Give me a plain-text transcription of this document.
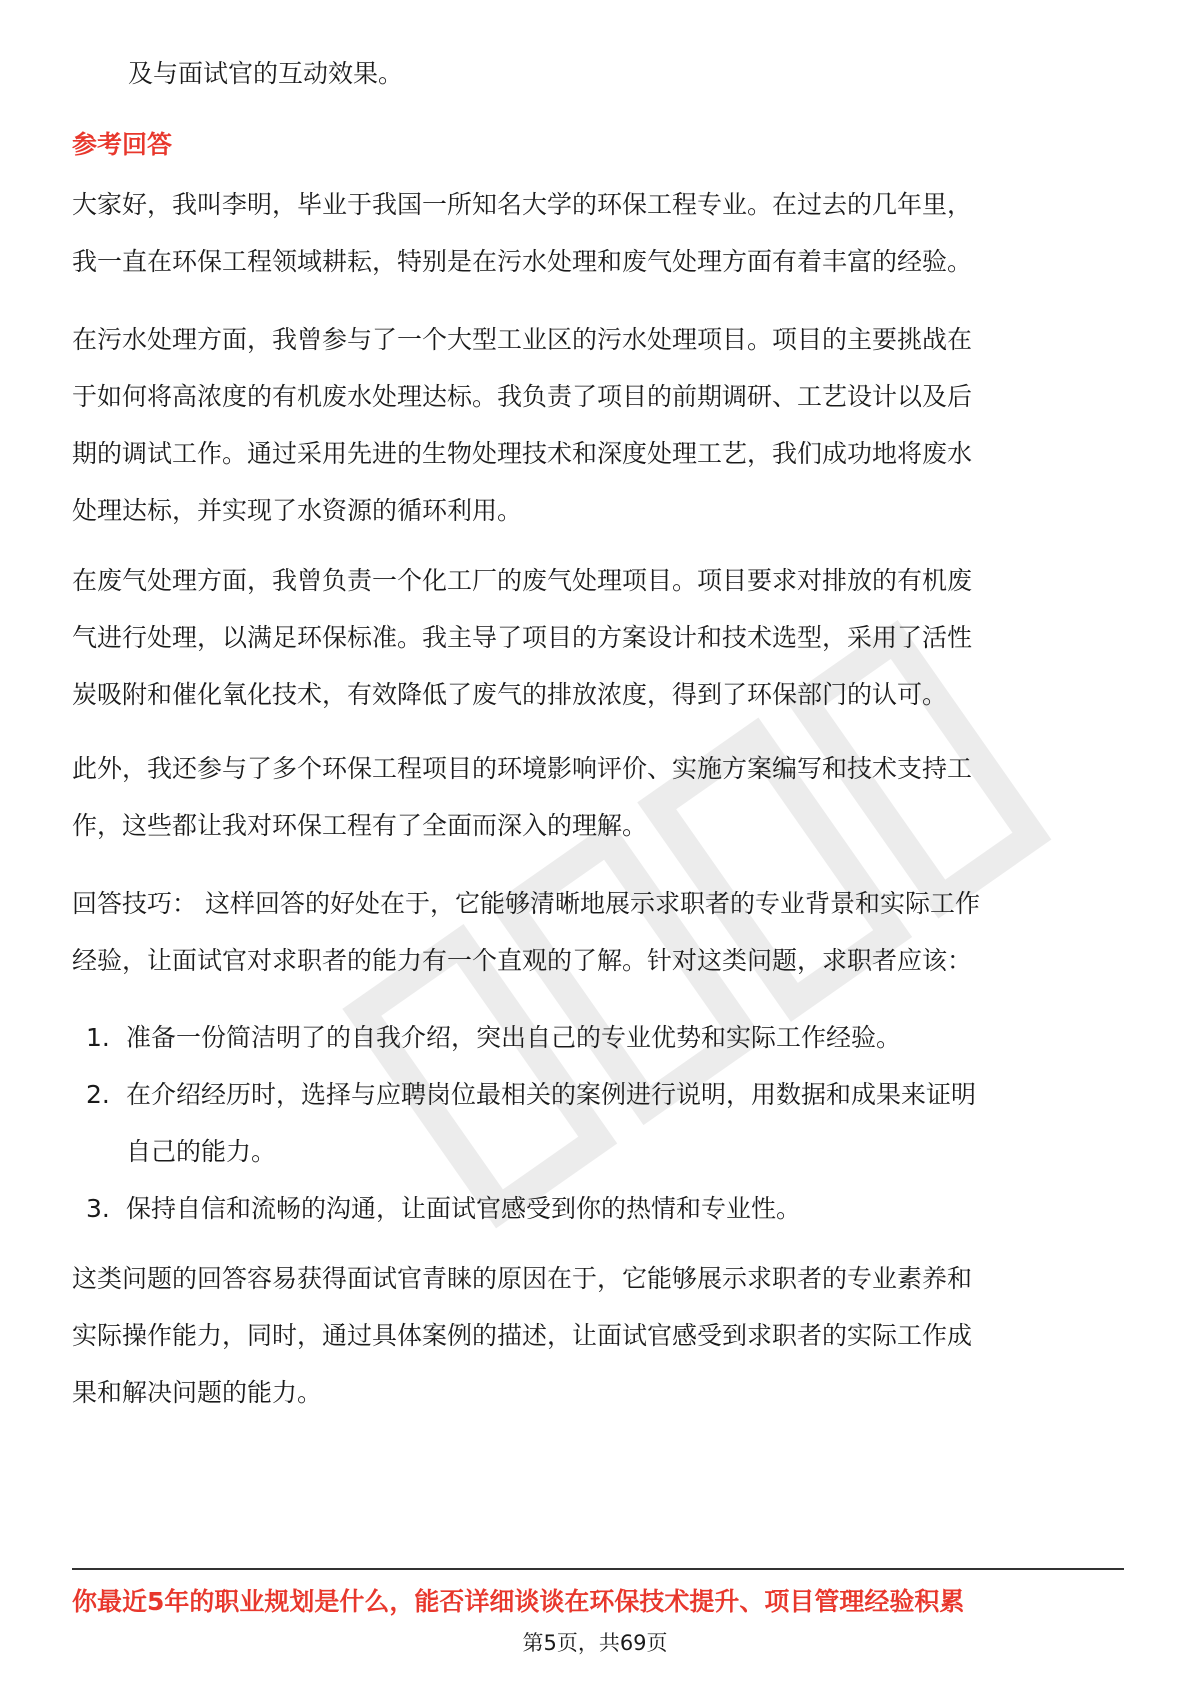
及与面试官的互动效果。
参考回答
大家好，我叫李明，毕业于我国一所知名大学的环保工程专业。在过去的几年里，
我一直在环保工程领域耕耘，特别是在污水处理和废气处理方面有着丰富的经验。
在污水处理方面，我曾参与了一个大型工业区的污水处理项目。项目的主要挑战在
于如何将高浓度的有机废水处理达标。我负责了项目的前期调研、工艺设计以及后
期的调试工作。通过采用先进的生物处理技术和深度处理工艺，我们成功地将废水
处理达标，并实现了水资源的循环利用。
在废气处理方面，我曾负责一个化工厂的废气处理项目。项目要求对排放的有机废
气进行处理，以满足环保标准。我主导了项目的方案设计和技术选型，采用了活性
炭吸附和催化氧化技术，有效降低了废气的排放浓度，得到了环保部门的认可。
此外，我还参与了多个环保工程项目的环境影响评价、实施方案编写和技术支持工
作，这些都让我对环保工程有了全面而深入的理解。
回答技巧： 这样回答的好处在于，它能够清晰地展示求职者的专业背景和实际工作
经验，让面试官对求职者的能力有一个直观的了解。针对这类问题，求职者应该：
1. 准备一份简洁明了的自我介绍，突出自己的专业优势和实际工作经验。
2. 在介绍经历时，选择与应聘岗位最相关的案例进行说明，用数据和成果来证明
自己的能力。
3. 保持自信和流畅的沟通，让面试官感受到你的热情和专业性。
这类问题的回答容易获得面试官青睐的原因在于，它能够展示求职者的专业素养和
实际操作能力，同时，通过具体案例的描述，让面试官感受到求职者的实际工作成
果和解决问题的能力。
你最近5年的职业规划是什么，能否详细谈谈在环保技术提升、项目管理经验积累
第5页，共69页
